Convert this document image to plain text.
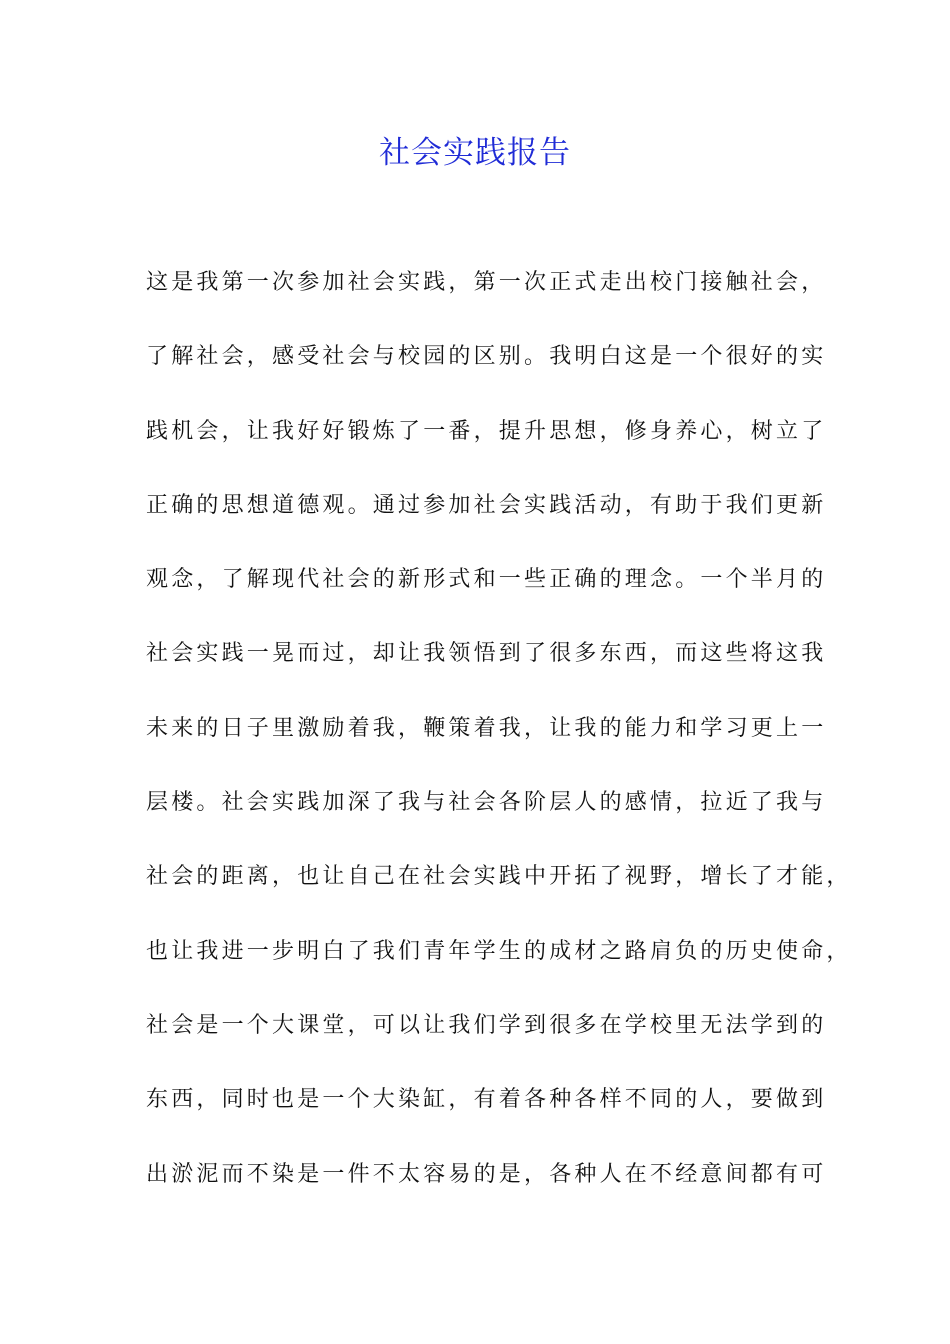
社会实践报告
这是我第一次参加社会实践，第一次正式走出校门接触社会，
了解社会，感受社会与校园的区别。我明白这是一个很好的实
践机会，让我好好锻炼了一番，提升思想，修身养心，树立了
正确的思想道德观。通过参加社会实践活动，有助于我们更新
观念，了解现代社会的新形式和一些正确的理念。一个半月的
社会实践一晃而过，却让我领悟到了很多东西，而这些将这我
未来的日子里激励着我，鞭策着我，让我的能力和学习更上一
层楼。社会实践加深了我与社会各阶层人的感情，拉近了我与
社会的距离，也让自己在社会实践中开拓了视野，增长了才能，
也让我进一步明白了我们青年学生的成材之路肩负的历史使命，
社会是一个大课堂，可以让我们学到很多在学校里无法学到的
东西，同时也是一个大染缸，有着各种各样不同的人，要做到
出淤泥而不染是一件不太容易的是，各种人在不经意间都有可
